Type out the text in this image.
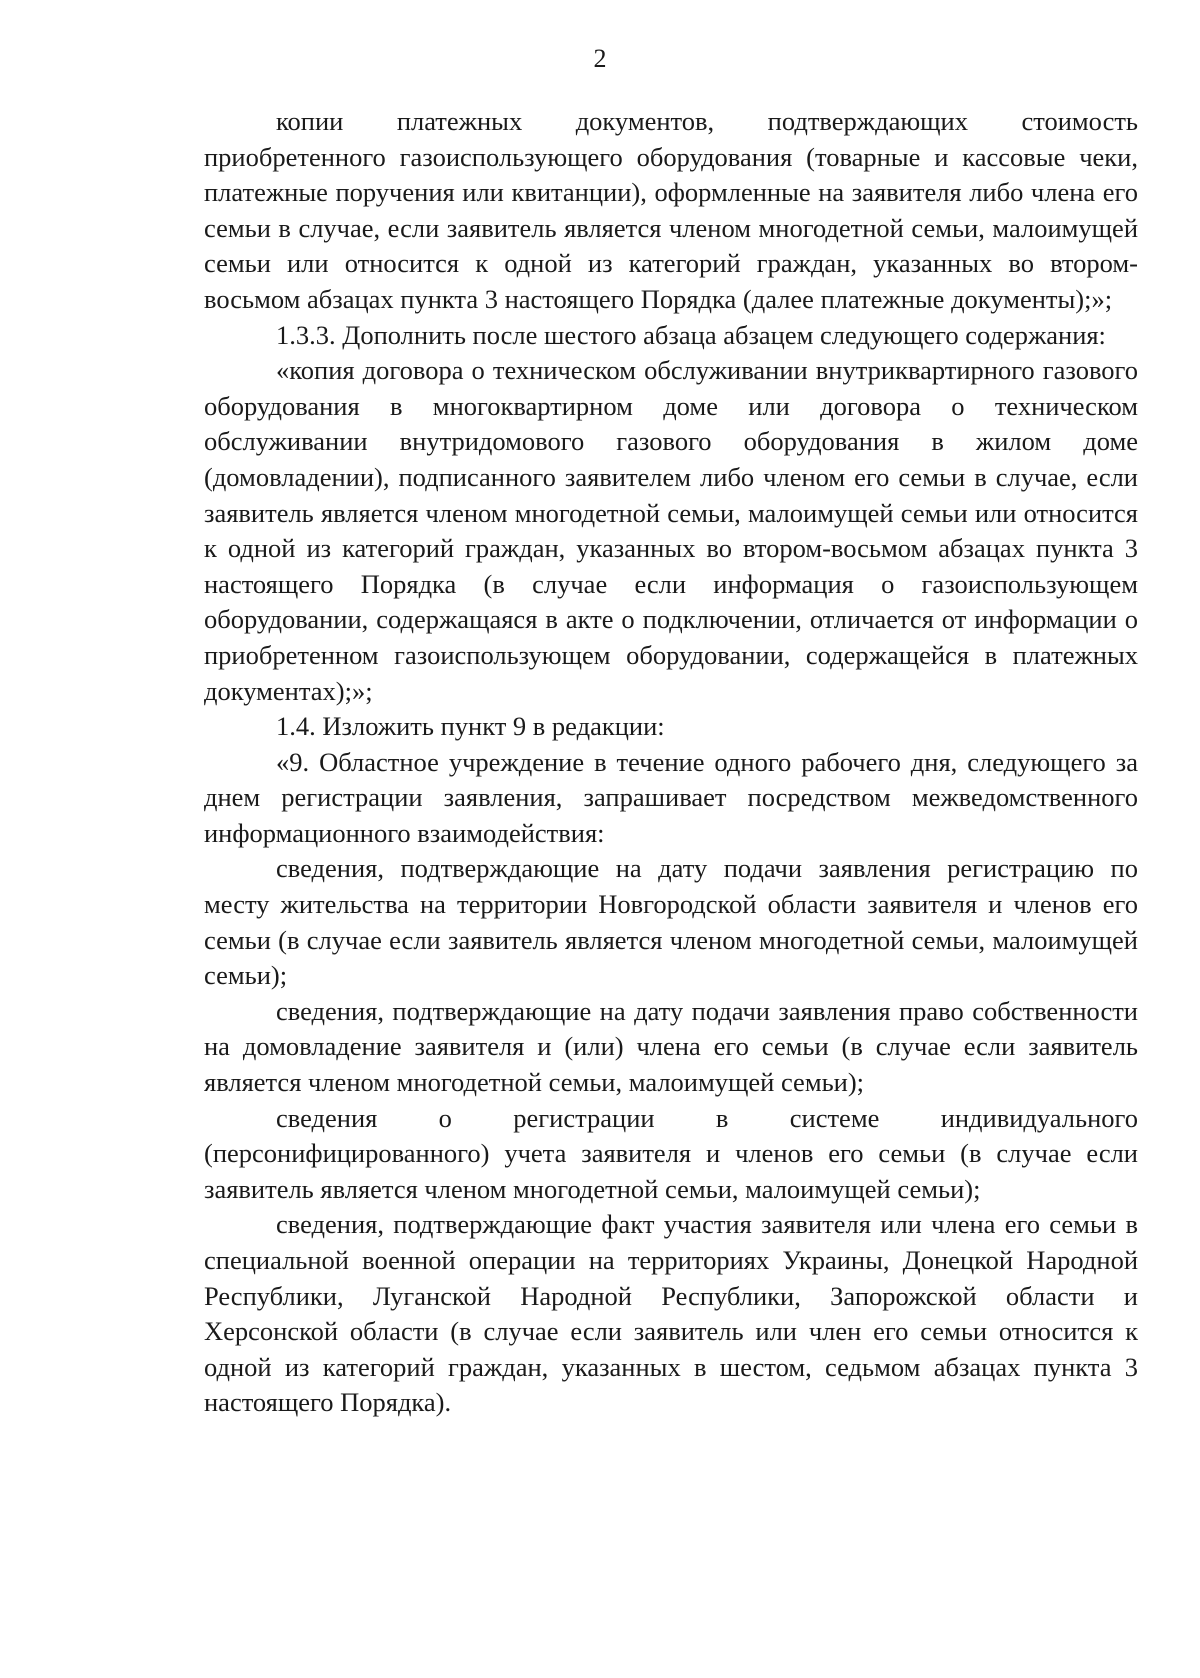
2

копии платежных документов, подтверждающих стоимость приобретенного газоиспользующего оборудования (товарные и кассовые чеки, платежные поручения или квитанции), оформленные на заявителя либо члена его семьи в случае, если заявитель является членом многодетной семьи, малоимущей семьи или относится к одной из категорий граждан, указанных во втором-восьмом абзацах пункта 3 настоящего Порядка (далее платежные документы);»;

1.3.3. Дополнить после шестого абзаца абзацем следующего содержания:

«копия договора о техническом обслуживании внутриквартирного газового оборудования в многоквартирном доме или договора о техническом обслуживании внутридомового газового оборудования в жилом доме (домовладении), подписанного заявителем либо членом его семьи в случае, если заявитель является членом многодетной семьи, малоимущей семьи или относится к одной из категорий граждан, указанных во втором-восьмом абзацах пункта 3 настоящего Порядка (в случае если информация о газоиспользующем оборудовании, содержащаяся в акте о подключении, отличается от информации о приобретенном газоиспользующем оборудовании, содержащейся в платежных документах);»;

1.4. Изложить пункт 9 в редакции:

«9. Областное учреждение в течение одного рабочего дня, следующего за днем регистрации заявления, запрашивает посредством межведомственного информационного взаимодействия:

сведения, подтверждающие на дату подачи заявления регистрацию по месту жительства на территории Новгородской области заявителя и членов его семьи (в случае если заявитель является членом многодетной семьи, малоимущей семьи);

сведения, подтверждающие на дату подачи заявления право собственности на домовладение заявителя и (или) члена его семьи (в случае если заявитель является членом многодетной семьи, малоимущей семьи);

сведения о регистрации в системе индивидуального (персонифицированного) учета заявителя и членов его семьи (в случае если заявитель является членом многодетной семьи, малоимущей семьи);

сведения, подтверждающие факт участия заявителя или члена его семьи в специальной военной операции на территориях Украины, Донецкой Народной Республики, Луганской Народной Республики, Запорожской области и Херсонской области (в случае если заявитель или член его семьи относится к одной из категорий граждан, указанных в шестом, седьмом абзацах пункта 3 настоящего Порядка).
